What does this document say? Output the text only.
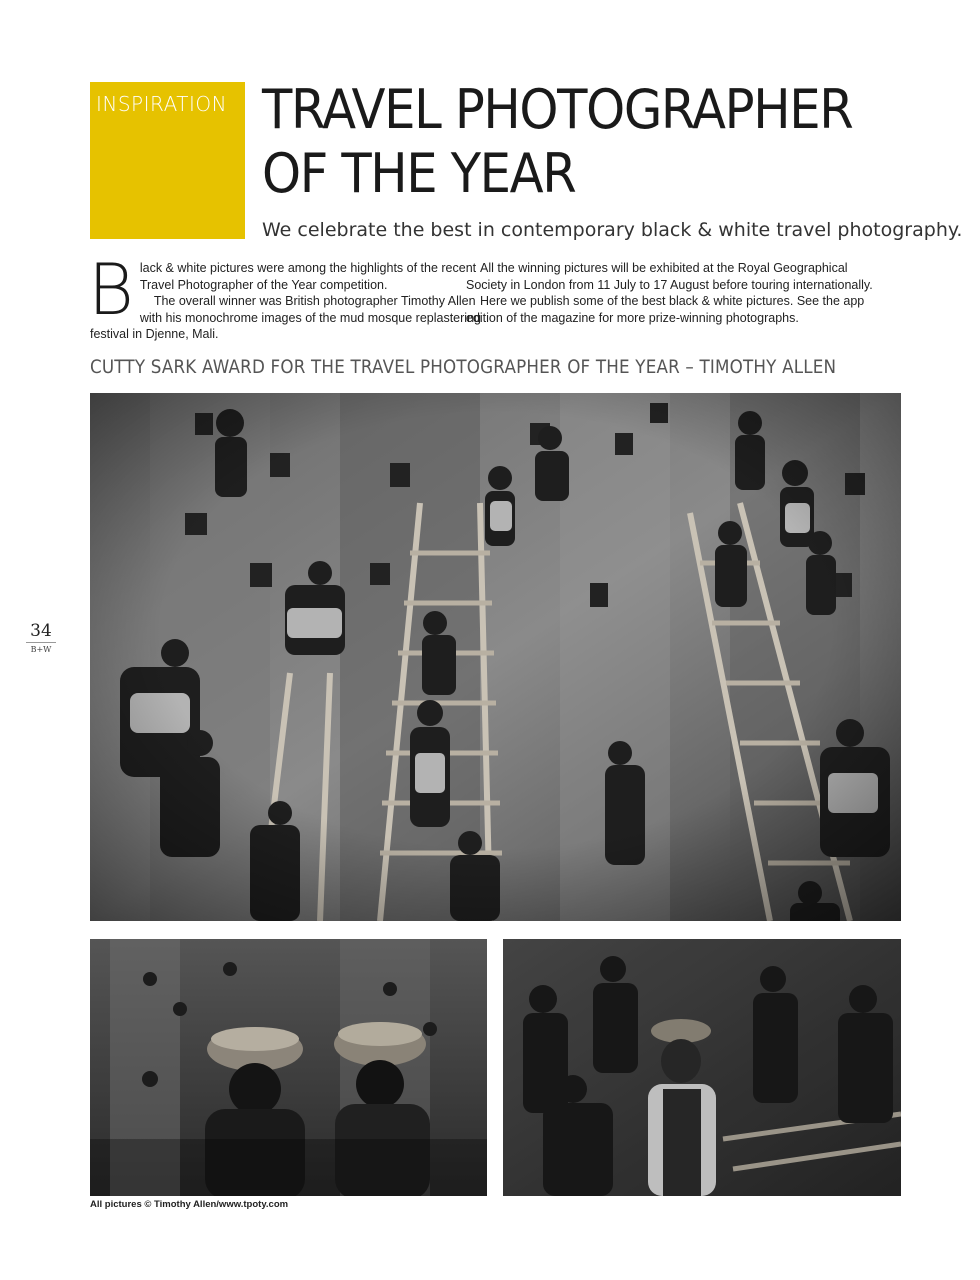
INSPIRATION TRAVEL PHOTOGRAPHER
OF THE YEAR

We celebrate the best in contemporary black & white travel photography.

Black & white pictures were among the highlights of the recent Travel Photographer of the Year competition.

The overall winner was British photographer Timothy Allen with his monochrome images of the mud mosque replastering festival in Djenne, Mali.

All the winning pictures will be exhibited at the Royal Geographical Society in London from 11 July to 17 August before touring internationally.

Here we publish some of the best black & white pictures. See the app edition of the magazine for more prize-winning photographs.

CUTTY SARK AWARD FOR THE TRAVEL PHOTOGRAPHER OF THE YEAR – TIMOTHY ALLEN
34
B+W

All pictures © Timothy Allen/www.tpoty.com
